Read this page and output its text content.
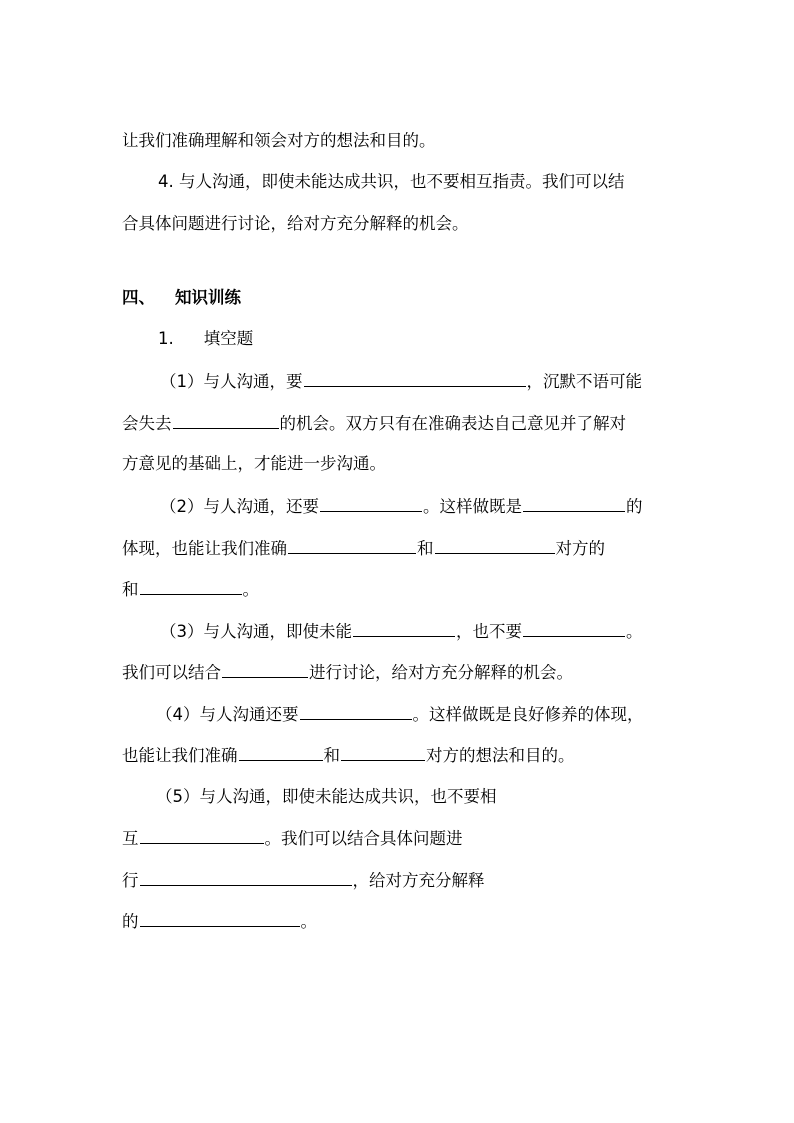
让我们准确理解和领会对方的想法和目的。
4. 与人沟通，即使未能达成共识，也不要相互指责。我们可以结
合具体问题进行讨论，给对方充分解释的机会。
四、 知识训练
1. 填空题
（1）与人沟通，要	，沉默不语可能
会失去	的机会。双方只有在准确表达自己意见并了解对
方意见的基础上，才能进一步沟通。
（2）与人沟通，还要	。这样做既是	的
体现，也能让我们准确	和	对方的
和	。
（3）与人沟通，即使未能	，也不要	。
我们可以结合	进行讨论，给对方充分解释的机会。
（4）与人沟通还要	。这样做既是良好修养的体现，
也能让我们准确	和	对方的想法和目的。
（5）与人沟通，即使未能达成共识，也不要相
互	。我们可以结合具体问题进
行	，给对方充分解释
的	。
